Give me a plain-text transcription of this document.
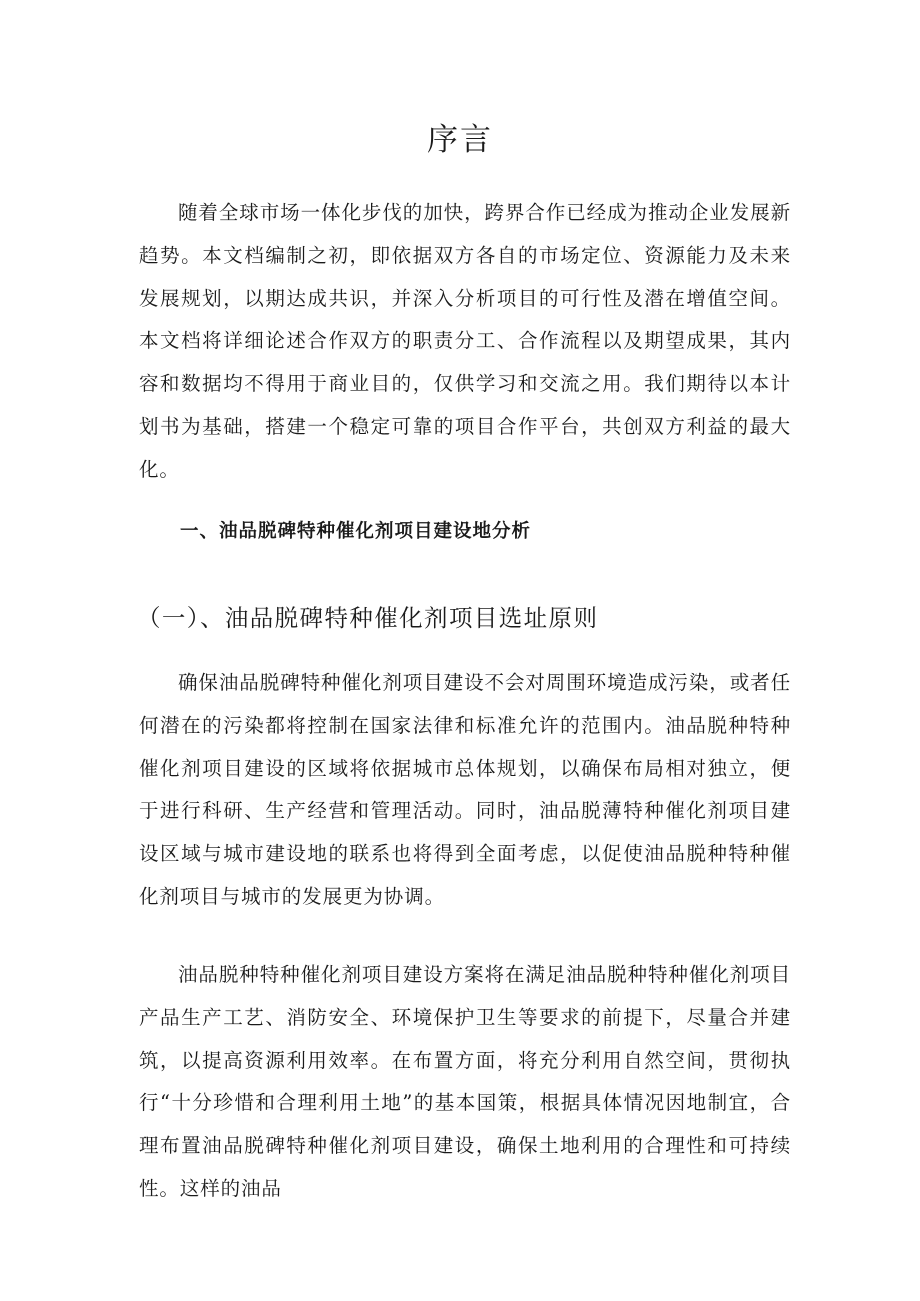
序言

随着全球市场一体化步伐的加快，跨界合作已经成为推动企业发展新趋势。本文档编制之初，即依据双方各自的市场定位、资源能力及未来发展规划，以期达成共识，并深入分析项目的可行性及潜在增值空间。本文档将详细论述合作双方的职责分工、合作流程以及期望成果，其内容和数据均不得用于商业目的，仅供学习和交流之用。我们期待以本计划书为基础，搭建一个稳定可靠的项目合作平台，共创双方利益的最大化。

一、油品脱碑特种催化剂项目建设地分析
（一）、油品脱碑特种催化剂项目选址原则

确保油品脱碑特种催化剂项目建设不会对周围环境造成污染，或者任何潜在的污染都将控制在国家法律和标准允许的范围内。油品脱种特种催化剂项目建设的区域将依据城市总体规划，以确保布局相对独立，便于进行科研、生产经营和管理活动。同时，油品脱薄特种催化剂项目建设区域与城市建设地的联系也将得到全面考虑，以促使油品脱种特种催化剂项目与城市的发展更为协调。

油品脱种特种催化剂项目建设方案将在满足油品脱种特种催化剂项目产品生产工艺、消防安全、环境保护卫生等要求的前提下，尽量合并建筑，以提高资源利用效率。在布置方面，将充分利用自然空间，贯彻执行“十分珍惜和合理利用土地”的基本国策，根据具体情况因地制宜，合理布置油品脱碑特种催化剂项目建设，确保土地利用的合理性和可持续性。这样的油品
